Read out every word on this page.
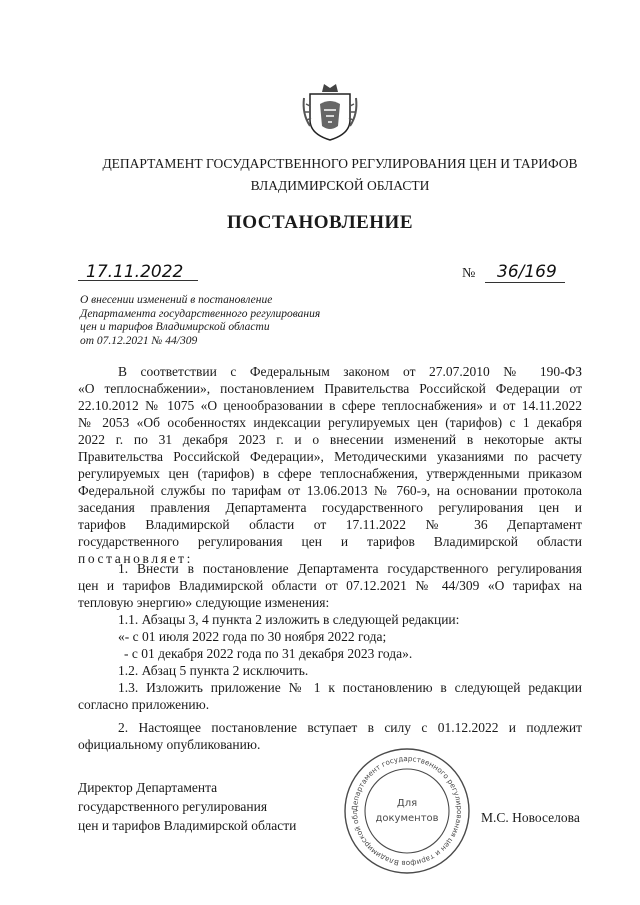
ДЕПАРТАМЕНТ ГОСУДАРСТВЕННОГО РЕГУЛИРОВАНИЯ ЦЕН И ТАРИФОВ
ВЛАДИМИРСКОЙ ОБЛАСТИ
ПОСТАНОВЛЕНИЕ
17.11.2022	№ 36/169
О внесении изменений в постановление
Департамента государственного регулирования
цен и тарифов Владимирской области
от 07.12.2021 № 44/309
В соответствии с Федеральным законом от 27.07.2010 № 190-ФЗ
«О теплоснабжении», постановлением Правительства Российской Федерации от
22.10.2012 № 1075 «О ценообразовании в сфере теплоснабжения» и от 14.11.2022
№ 2053 «Об особенностях индексации регулируемых цен (тарифов) с 1 декабря
2022 г. по 31 декабря 2023 г. и о внесении изменений в некоторые акты
Правительства Российской Федерации», Методическими указаниями по расчету
регулируемых цен (тарифов) в сфере теплоснабжения, утвержденными приказом
Федеральной службы по тарифам от 13.06.2013 № 760-э, на основании протокола
заседания правления Департамента государственного регулирования цен и
тарифов Владимирской области от 17.11.2022 № 36 Департамент
государственного регулирования цен и тарифов Владимирской области
постановляет:
1. Внести в постановление Департамента государственного регулирования
цен и тарифов Владимирской области от 07.12.2021 № 44/309 «О тарифах на
тепловую энергию» следующие изменения:
1.1. Абзацы 3, 4 пункта 2 изложить в следующей редакции:
«- с 01 июля 2022 года по 30 ноября 2022 года;
- с 01 декабря 2022 года по 31 декабря 2023 года».
1.2. Абзац 5 пункта 2 исключить.
1.3. Изложить приложение № 1 к постановлению в следующей редакции
согласно приложению.
2. Настоящее постановление вступает в силу с 01.12.2022 и подлежит
официальному опубликованию.
Директор Департамента
государственного регулирования
цен и тарифов Владимирской области
М.С. Новоселова
Департамент государственного регулирования цен и тарифов Владимирской обл
Для
документов
